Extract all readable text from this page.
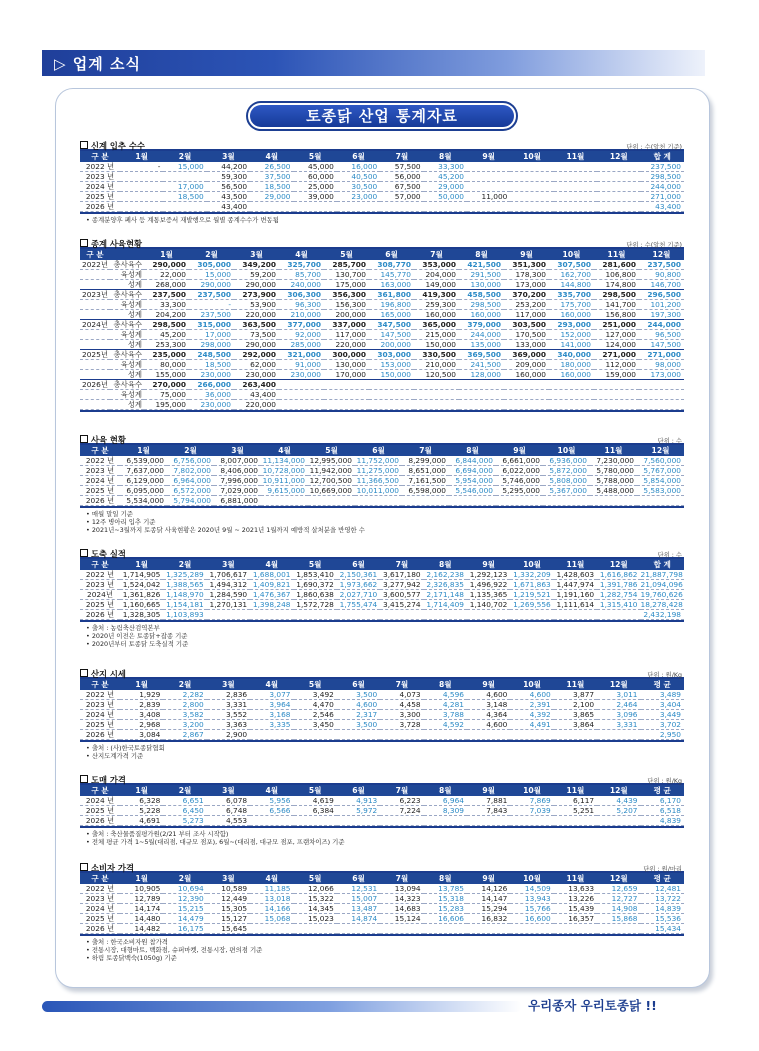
▷ 업계 소식
토종닭 산업 통계자료
신계 입추 수수	단위 : 수(알천 기준)
구 분	1월	2월	3월	4월	5월	6월	7월	8월	9월	10월	11월	12월	합 계
2022 년	-	15,000	44,200	26,500	45,000	16,000	57,500	33,300					237,500
2023 년			59,300	37,500	60,000	40,500	56,000	45,200					298,500
2024 년		17,000	56,500	18,500	25,000	30,500	67,500	29,000					244,000
2025 년		18,500	43,500	29,000	39,000	23,000	57,000	50,000	11,000				271,000
2026 년			43,400										43,400
• 종계분양후 폐사 등 계통보증서 재발행으로 월별 종계수수가 변동됨
종계 사육현황	단위 : 수(알천 기준)
구 분		1월	2월	3월	4월	5월	6월	7월	8월	9월	10월	11월	12월
2022년	총사육수	290,000	305,000	349,200	325,700	285,700	308,770	353,000	421,500	351,300	307,500	281,600	237,500
	육성계	22,000	15,000	59,200	85,700	130,700	145,770	204,000	291,500	178,300	162,700	106,800	90,800
	성계	268,000	290,000	290,000	240,000	175,000	163,000	149,000	130,000	173,000	144,800	174,800	146,700
2023년	총사육수	237,500	237,500	273,900	306,300	356,300	361,800	419,300	458,500	370,200	335,700	298,500	296,500
	육성계	33,300	-	53,900	96,300	156,300	196,800	259,300	298,500	253,200	175,700	141,700	101,200
	성계	204,200	237,500	220,000	210,000	200,000	165,000	160,000	160,000	117,000	160,000	156,800	197,300
2024년	총사육수	298,500	315,000	363,500	377,000	337,000	347,500	365,000	379,000	303,500	293,000	251,000	244,000
	육성계	45,200	17,000	73,500	92,000	117,000	147,500	215,000	244,000	170,500	152,000	127,000	96,500
	성계	253,300	298,000	290,000	285,000	220,000	200,000	150,000	135,000	133,000	141,000	124,000	147,500
2025년	총사육수	235,000	248,500	292,000	321,000	300,000	303,000	330,500	369,500	369,000	340,000	271,000	271,000
	육성계	80,000	18,500	62,000	91,000	130,000	153,000	210,000	241,500	209,000	180,000	112,000	98,000
	성계	155,000	230,000	230,000	230,000	170,000	150,000	120,500	128,000	160,000	160,000	159,000	173,000
2026년	총사육수	270,000	266,000	263,400									
	육성계	75,000	36,000	43,400									
	성계	195,000	230,000	220,000									
사육 현황	단위 : 수
구 분	1월	2월	3월	4월	5월	6월	7월	8월	9월	10월	11월	12월
2022 년	6,539,000	6,756,000	8,007,000	11,134,000	12,995,000	11,752,000	8,299,000	6,844,000	6,661,000	6,936,000	7,230,000	7,560,000
2023 년	7,637,000	7,802,000	8,406,000	10,728,000	11,942,000	11,275,000	8,651,000	6,694,000	6,022,000	5,872,000	5,780,000	5,767,000
2024 년	6,129,000	6,964,000	7,996,000	10,911,000	12,700,500	11,366,500	7,161,500	5,954,000	5,746,000	5,808,000	5,788,000	5,854,000
2025 년	6,095,000	6,572,000	7,029,000	9,615,000	10,669,000	10,011,000	6,598,000	5,546,000	5,295,000	5,367,000	5,488,000	5,583,000
2026 년	5,534,000	5,794,000	6,881,000									
• 매월 말일 기준
• 12주 병아리 입추 기준
• 2021년~3월까지 토종닭 사육현황은 2020년 9월 ~ 2021년 1월까지 예방적 살처분을 반영한 수
도축 실적	단위 : 수
구 분	1월	2월	3월	4월	5월	6월	7월	8월	9월	10월	11월	12월	합 계
2022 년	1,714,905	1,325,289	1,706,617	1,688,001	1,853,410	2,150,361	3,617,180	2,162,238	1,292,123	1,332,209	1,428,603	1,616,862	21,887,798
2023 년	1,524,042	1,388,565	1,494,312	1,409,821	1,690,372	1,973,662	3,277,942	2,326,835	1,496,922	1,671,863	1,447,974	1,391,786	21,094,096
2024년	1,361,826	1,148,970	1,284,590	1,476,367	1,860,638	2,027,710	3,600,577	2,171,148	1,135,365	1,219,521	1,191,160	1,282,754	19,760,626
2025 년	1,160,665	1,154,181	1,270,131	1,398,248	1,572,728	1,755,474	3,415,274	1,714,409	1,140,702	1,269,556	1,111,614	1,315,410	18,278,428
2026 년	1,328,305	1,103,893											2,432,198
• 출처 : 농림축산검역본부
• 2020년 이전은 토종닭+잡종 기준
• 2020년부터 토종닭 도축실적 기준
산지 시세	단위 : 원/Kg
구 분	1월	2월	3월	4월	5월	6월	7월	8월	9월	10월	11월	12월	평 균
2022 년	1,929	2,282	2,836	3,077	3,492	3,500	4,073	4,596	4,600	4,600	3,877	3,011	3,489
2023 년	2,839	2,800	3,331	3,964	4,470	4,600	4,458	4,281	3,148	2,391	2,100	2,464	3,404
2024 년	3,408	3,582	3,552	3,168	2,546	2,317	3,300	3,788	4,364	4,392	3,865	3,096	3,449
2025 년	2,968	3,200	3,363	3,335	3,450	3,500	3,728	4,592	4,600	4,491	3,864	3,331	3,702
2026 년	3,084	2,867	2,900										2,950
• 출처 : (사)한국토종닭협회
• 산지도계가격 기준
도매 가격	단위 : 원/Kg
구 분	1월	2월	3월	4월	5월	6월	7월	8월	9월	10월	11월	12월	평 균
2024 년	6,328	6,651	6,078	5,956	4,619	4,913	6,223	6,964	7,881	7,869	6,117	4,439	6,170
2025 년	5,228	6,450	6,748	6,566	6,384	5,972	7,224	8,309	7,843	7,039	5,251	5,207	6,518
2026 년	4,691	5,273	4,553										4,839
• 출처 : 축산물품질평가원(2/21 부터 조사 시작함)
• 전체 평균 가격 1~5월(대리점, 대규모 점포), 6월~(대리점, 대규모 점포, 프랜차이즈) 기준
소비자 가격	단위 : 원/마리
구 분	1월	2월	3월	4월	5월	6월	7월	8월	9월	10월	11월	12월	평 균
2022 년	10,905	10,694	10,589	11,185	12,066	12,531	13,094	13,785	14,126	14,509	13,633	12,659	12,481
2023 년	12,789	12,390	12,449	13,018	15,322	15,007	14,323	15,318	14,147	13,943	13,226	12,727	13,722
2024 년	14,174	15,215	15,305	14,166	14,345	13,487	14,683	15,283	15,294	15,766	15,439	14,908	14,839
2025 년	14,480	14,479	15,127	15,068	15,023	14,874	15,124	16,606	16,832	16,600	16,357	15,868	15,536
2026 년	14,482	16,175	15,645										15,434
• 출처 : 한국소비자원 참가격
• 전통시장, 대형마트, 백화점, 슈퍼마켓, 전통시장, 편의점 기준
• 하림 토종닭백숙(1050g) 기준
우리종자 우리토종닭 !!
